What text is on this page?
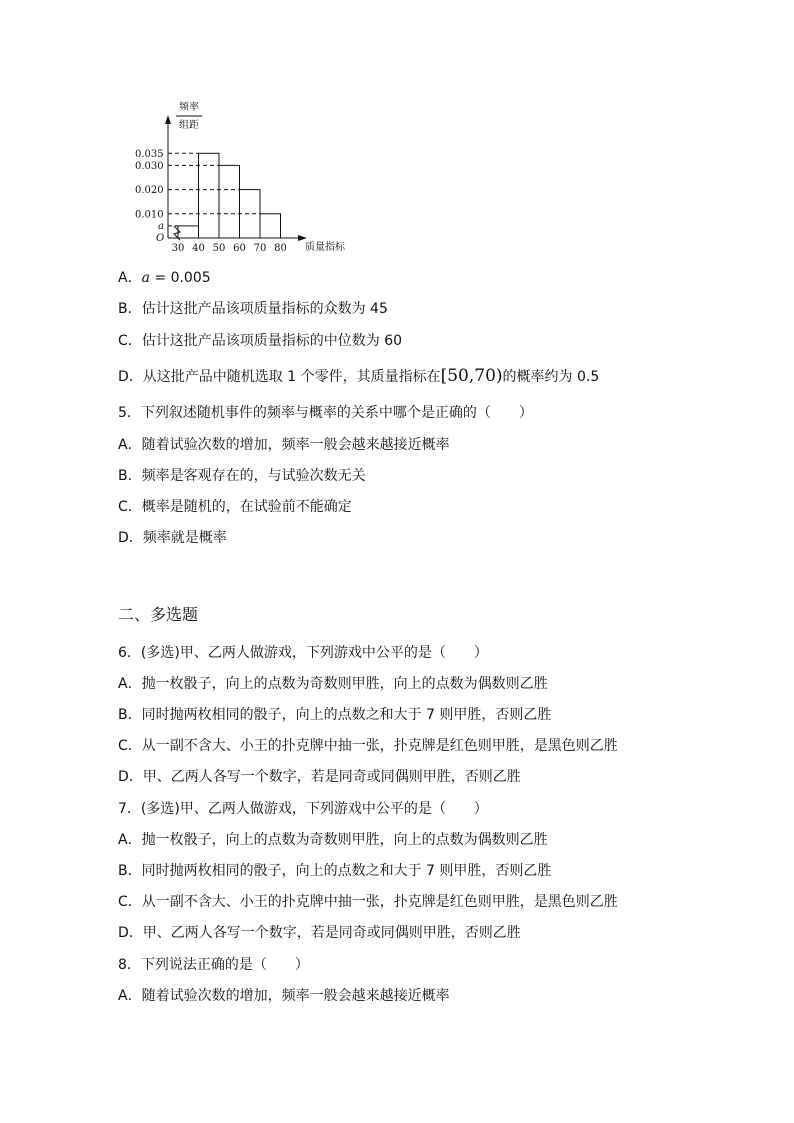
频率
组距
质量指标
O
a
0.035
0.030
0.020
0.010
30 40 50 60 70 80
A．a = 0.005
B．估计这批产品该项质量指标的众数为 45
C．估计这批产品该项质量指标的中位数为 60
D．从这批产品中随机选取 1 个零件，其质量指标在[50,70)的概率约为 0.5
5．下列叙述随机事件的频率与概率的关系中哪个是正确的（　　）
A．随着试验次数的增加，频率一般会越来越接近概率
B．频率是客观存在的，与试验次数无关
C．概率是随机的，在试验前不能确定
D．频率就是概率
二、多选题
6．(多选)甲、乙两人做游戏，下列游戏中公平的是（　　）
A．抛一枚骰子，向上的点数为奇数则甲胜，向上的点数为偶数则乙胜
B．同时抛两枚相同的骰子，向上的点数之和大于 7 则甲胜，否则乙胜
C．从一副不含大、小王的扑克牌中抽一张，扑克牌是红色则甲胜，是黑色则乙胜
D．甲、乙两人各写一个数字，若是同奇或同偶则甲胜，否则乙胜
7．(多选)甲、乙两人做游戏，下列游戏中公平的是（　　）
A．抛一枚骰子，向上的点数为奇数则甲胜，向上的点数为偶数则乙胜
B．同时抛两枚相同的骰子，向上的点数之和大于 7 则甲胜，否则乙胜
C．从一副不含大、小王的扑克牌中抽一张，扑克牌是红色则甲胜，是黑色则乙胜
D．甲、乙两人各写一个数字，若是同奇或同偶则甲胜，否则乙胜
8．下列说法正确的是（　　）
A．随着试验次数的增加，频率一般会越来越接近概率
